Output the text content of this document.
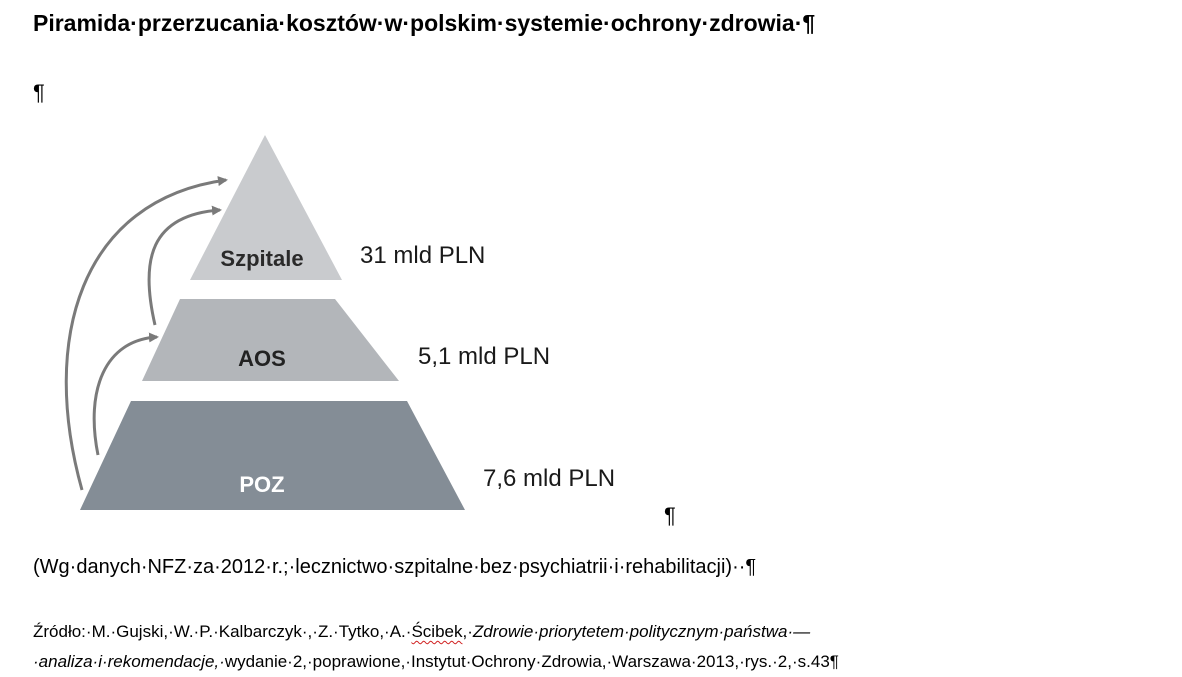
Piramida·przerzucania·kosztów·w·polskim·systemie·ochrony·zdrowia·¶
¶
Szpitale
AOS
POZ
31 mld PLN
5,1 mld PLN
7,6 mld PLN
¶
(Wg·danych·NFZ·za·2012·r.;·lecznictwo·szpitalne·bez·psychiatrii·i·rehabilitacji)··¶
Źródło:·M.·Gujski,·W.·P.·Kalbarczyk·,·Z.·Tytko,·A.·Ścibek,·Zdrowie·priorytetem·politycznym·państwa·—·analiza·i·rekomendacje,·wydanie·2,·poprawione,·Instytut·Ochrony·Zdrowia,·Warszawa·2013,·rys.·2,·s.43¶
